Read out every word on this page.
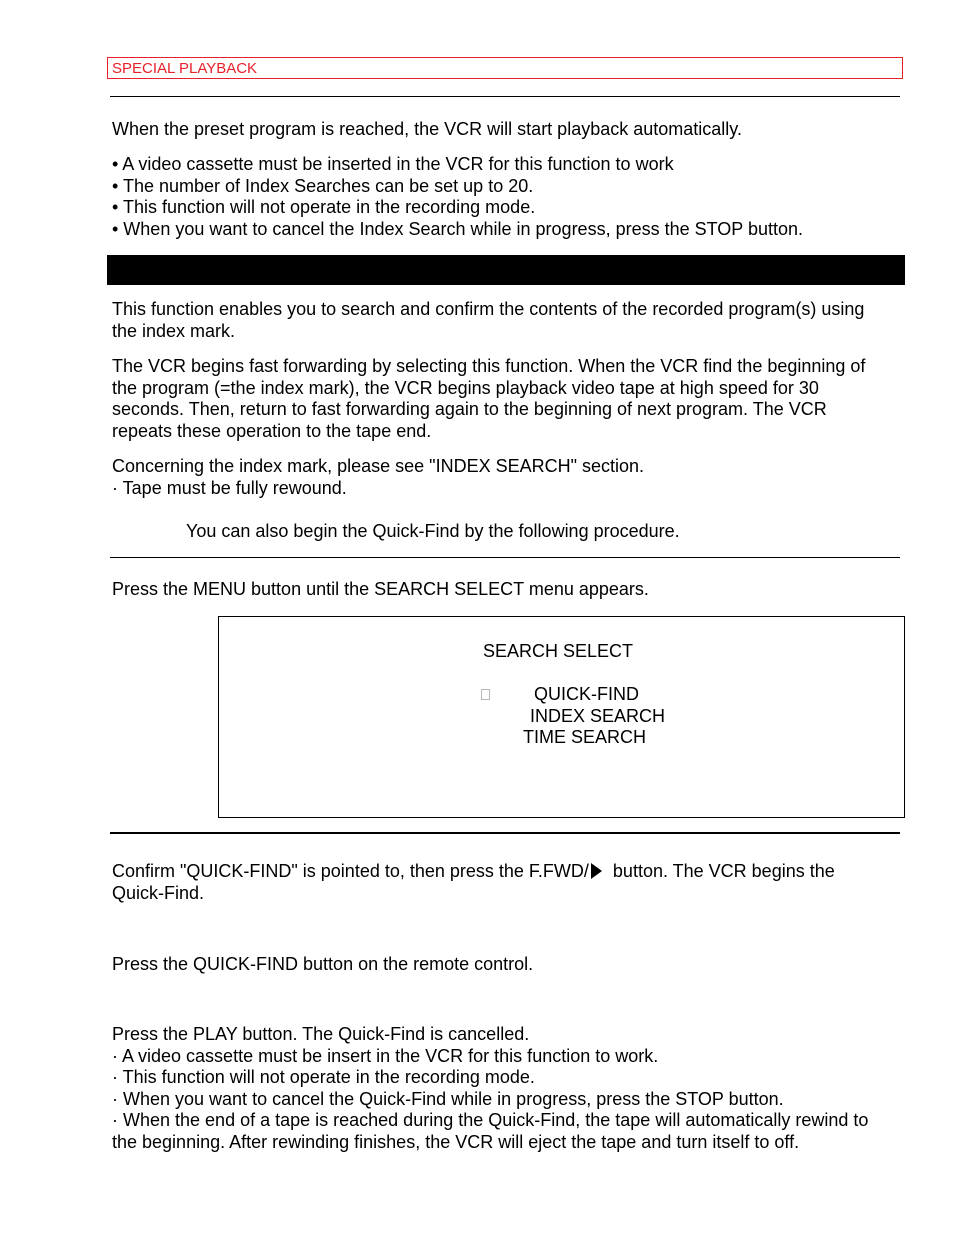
SPECIAL PLAYBACK
When the preset program is reached, the VCR will start playback automatically.
• A video cassette must be inserted in the VCR for this function to work
• The number of Index Searches can be set up to 20.
• This function will not operate in the recording mode.
• When you want to cancel the Index Search while in progress, press the STOP button.
This function enables you to search and confirm the contents of the recorded program(s) using
the index mark.
The VCR begins fast forwarding by selecting this function. When the VCR find the beginning of
the program (=the index mark), the VCR begins playback video tape at high speed for 30
seconds. Then, return to fast forwarding again to the beginning of next program. The VCR
repeats these operation to the tape end.
Concerning the index mark, please see "INDEX SEARCH" section.
· Tape must be fully rewound.
You can also begin the Quick-Find by the following procedure.
Press the MENU button until the SEARCH SELECT menu appears.
SEARCH SELECT
QUICK-FIND
INDEX SEARCH
TIME SEARCH
Confirm "QUICK-FIND" is pointed to, then press the F.FWD/ button. The VCR begins the
Quick-Find.
Press the QUICK-FIND button on the remote control.
Press the PLAY button. The Quick-Find is cancelled.
· A video cassette must be insert in the VCR for this function to work.
· This function will not operate in the recording mode.
· When you want to cancel the Quick-Find while in progress, press the STOP button.
· When the end of a tape is reached during the Quick-Find, the tape will automatically rewind to
the beginning. After rewinding finishes, the VCR will eject the tape and turn itself to off.
